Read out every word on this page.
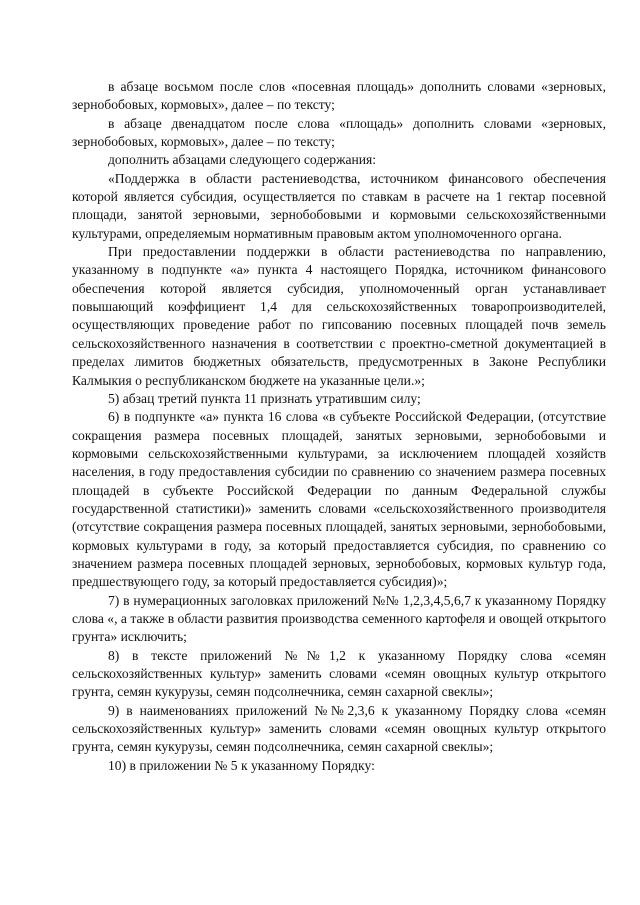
в абзаце восьмом после слов «посевная площадь» дополнить словами «зерновых, зернобобовых, кормовых», далее – по тексту;

в абзаце двенадцатом после слова «площадь» дополнить словами «зерновых, зернобобовых, кормовых», далее – по тексту;

дополнить абзацами следующего содержания:

«Поддержка в области растениеводства, источником финансового обеспечения которой является субсидия, осуществляется по ставкам в расчете на 1 гектар посевной площади, занятой зерновыми, зернобобовыми и кормовыми сельскохозяйственными культурами, определяемым нормативным правовым актом уполномоченного органа.

При предоставлении поддержки в области растениеводства по направлению, указанному в подпункте «а» пункта 4 настоящего Порядка, источником финансового обеспечения которой является субсидия, уполномоченный орган устанавливает повышающий коэффициент 1,4 для сельскохозяйственных товаропроизводителей, осуществляющих проведение работ по гипсованию посевных площадей почв земель сельскохозяйственного назначения в соответствии с проектно-сметной документацией в пределах лимитов бюджетных обязательств, предусмотренных в Законе Республики Калмыкия о республиканском бюджете на указанные цели.»;

5) абзац третий пункта 11 признать утратившим силу;

6) в подпункте «а» пункта 16 слова «в субъекте Российской Федерации, (отсутствие сокращения размера посевных площадей, занятых зерновыми, зернобобовыми и кормовыми сельскохозяйственными культурами, за исключением площадей хозяйств населения, в году предоставления субсидии по сравнению со значением размера посевных площадей в субъекте Российской Федерации по данным Федеральной службы государственной статистики)» заменить словами «сельскохозяйственного производителя (отсутствие сокращения размера посевных площадей, занятых зерновыми, зернобобовыми, кормовых культурами в году, за который предоставляется субсидия, по сравнению со значением размера посевных площадей зерновых, зернобобовых, кормовых культур года, предшествующего году, за который предоставляется субсидия)»;

7) в нумерационных заголовках приложений №№ 1,2,3,4,5,6,7 к указанному Порядку слова «, а также в области развития производства семенного картофеля и овощей открытого грунта» исключить;

8) в тексте приложений №№1,2 к указанному Порядку слова «семян сельскохозяйственных культур» заменить словами «семян овощных культур открытого грунта, семян кукурузы, семян подсолнечника, семян сахарной свеклы»;

9) в наименованиях приложений №№2,3,6 к указанному Порядку слова «семян сельскохозяйственных культур» заменить словами «семян овощных культур открытого грунта, семян кукурузы, семян подсолнечника, семян сахарной свеклы»;

10) в приложении № 5 к указанному Порядку:
